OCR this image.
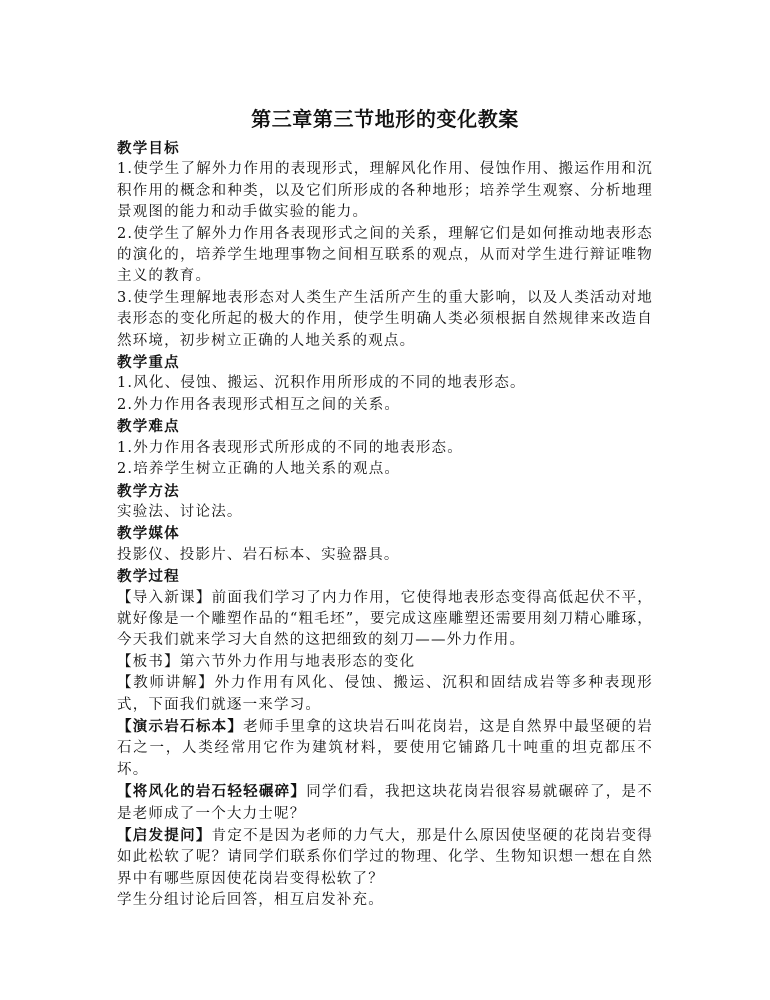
第三章第三节地形的变化教案
教学目标

1.使学生了解外力作用的表现形式，理解风化作用、侵蚀作用、搬运作用和沉积作用的概念和种类，以及它们所形成的各种地形；培养学生观察、分析地理景观图的能力和动手做实验的能力。

2.使学生了解外力作用各表现形式之间的关系，理解它们是如何推动地表形态的演化的，培养学生地理事物之间相互联系的观点，从而对学生进行辩证唯物主义的教育。

3.使学生理解地表形态对人类生产生活所产生的重大影响，以及人类活动对地表形态的变化所起的极大的作用，使学生明确人类必须根据自然规律来改造自然环境，初步树立正确的人地关系的观点。

教学重点

1.风化、侵蚀、搬运、沉积作用所形成的不同的地表形态。

2.外力作用各表现形式相互之间的关系。

教学难点

1.外力作用各表现形式所形成的不同的地表形态。

2.培养学生树立正确的人地关系的观点。

教学方法

实验法、讨论法。

教学媒体

投影仪、投影片、岩石标本、实验器具。

教学过程

【导入新课】前面我们学习了内力作用，它使得地表形态变得高低起伏不平，就好像是一个雕塑作品的“粗毛坯”，要完成这座雕塑还需要用刻刀精心雕琢，今天我们就来学习大自然的这把细致的刻刀——外力作用。

【板书】第六节外力作用与地表形态的变化

【教师讲解】外力作用有风化、侵蚀、搬运、沉积和固结成岩等多种表现形式，下面我们就逐一来学习。

【演示岩石标本】老师手里拿的这块岩石叫花岗岩，这是自然界中最坚硬的岩石之一，人类经常用它作为建筑材料，要使用它铺路几十吨重的坦克都压不坏。

【将风化的岩石轻轻碾碎】同学们看，我把这块花岗岩很容易就碾碎了，是不是老师成了一个大力士呢？

【启发提问】肯定不是因为老师的力气大，那是什么原因使坚硬的花岗岩变得如此松软了呢？请同学们联系你们学过的物理、化学、生物知识想一想在自然界中有哪些原因使花岗岩变得松软了？

学生分组讨论后回答，相互启发补充。
